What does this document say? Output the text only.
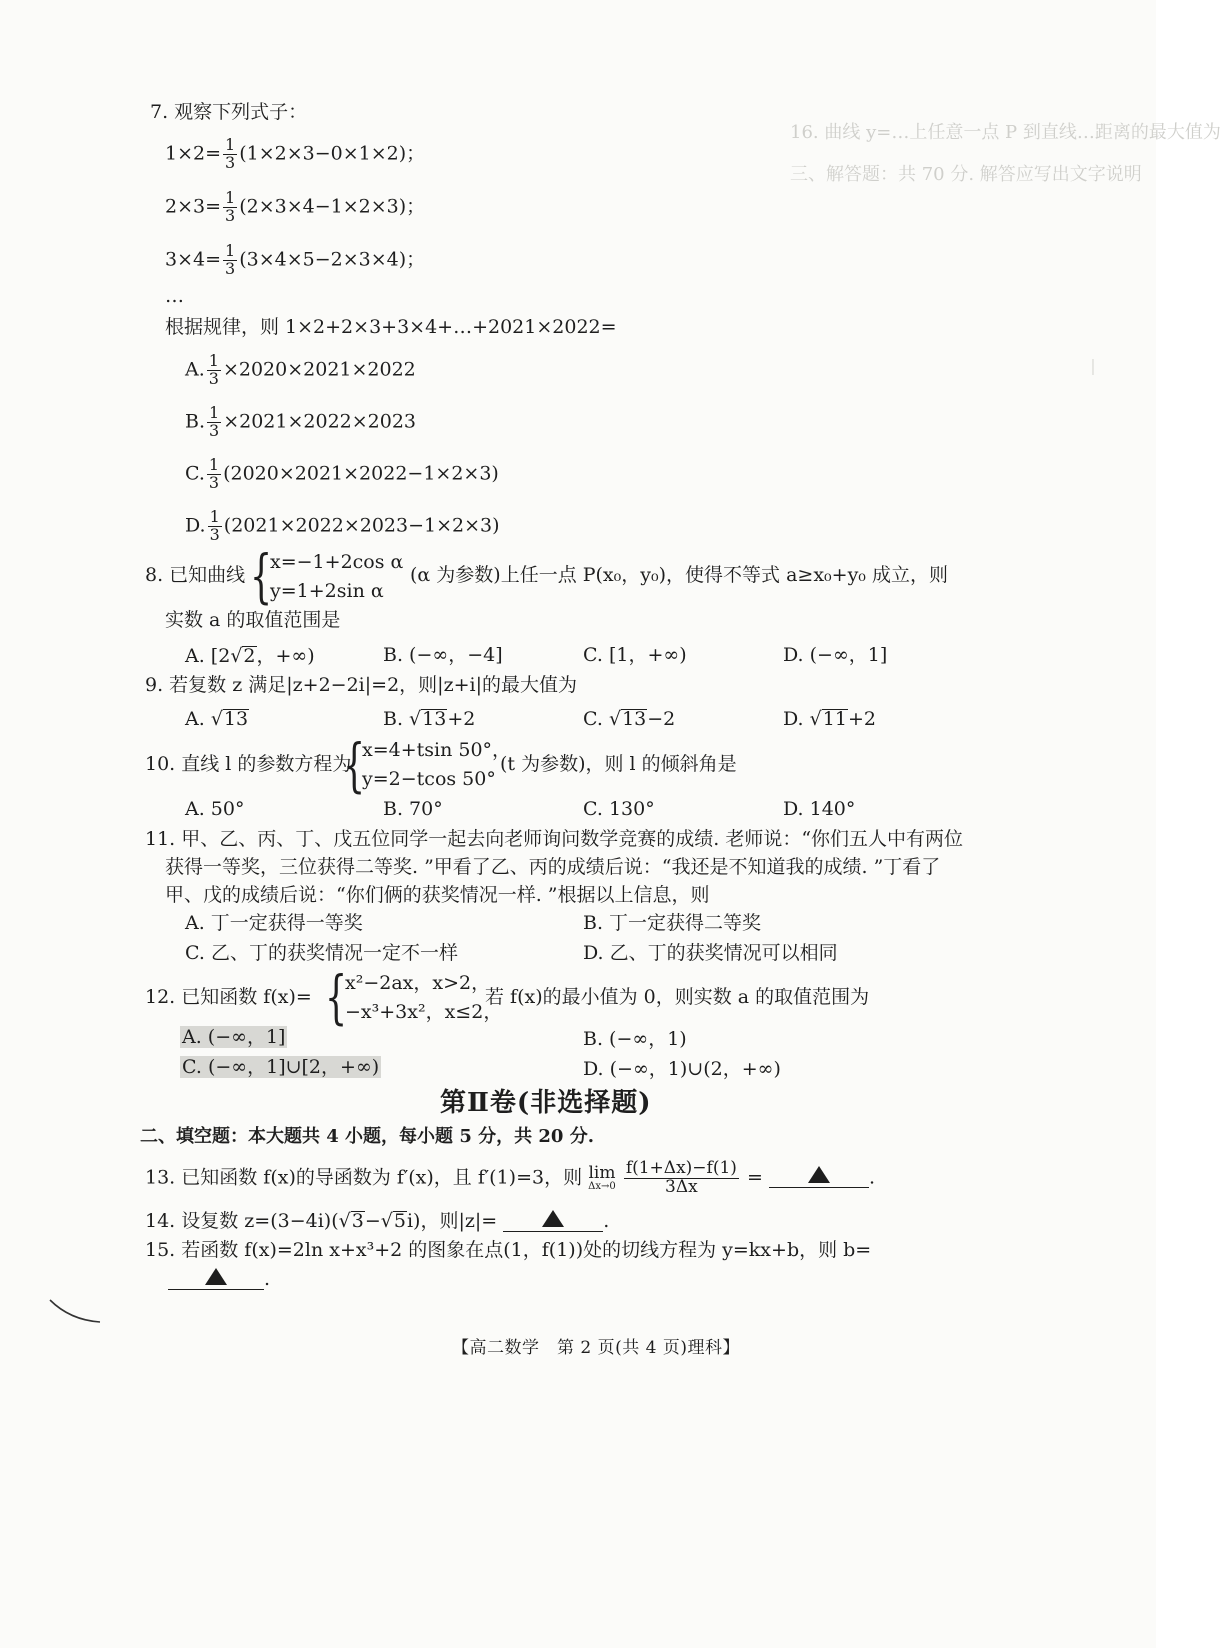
16. 曲线 y=…上任意一点 P 到直线…距离的最大值为
三、解答题：共 70 分. 解答应写出文字说明
｜
7. 观察下列式子：
$1\times 2= \frac{1}{3} (1\times 2\times 3-0\times 1\times 2)$；
$2\times 3= \frac{1}{3} (2\times 3\times 4-1\times 2\times 3)$；
$3\times 4= \frac{1}{3} (3\times 4\times 5-2\times 3\times 4)$；
…
根据规律，则 1×2+2×3+3×4+…+2021×2022=
A. $\frac{1}{3} \times 2020\times 2021\times 2022$
B. $\frac{1}{3} \times 2021\times 2022\times 2023$
C. $\frac{1}{3} (2020\times 2021\times 2022-1\times 2\times 3)$
D. $\frac{1}{3} (2021\times 2022\times 2023-1\times 2\times 3)$
8. 已知曲线 {
x=−1+2cos α
y=1+2sin α
(α 为参数)上任一点 P(x₀，y₀)，使得不等式 a≥x₀+y₀ 成立，则
实数 a 的取值范围是
A. [2√2，+∞)	B. (−∞，−4]	C. [1，+∞)	D. (−∞，1]
9. 若复数 z 满足|z+2−2i|=2，则|z+i|的最大值为
A. √13	B. √13+2	C. √13−2	D. √11+2
10. 直线 l 的参数方程为
{
x=4+tsin 50°，
y=2−tcos 50°
(t 为参数)，则 l 的倾斜角是
A. 50°	B. 70°	C. 130°	D. 140°
11. 甲、乙、丙、丁、戊五位同学一起去向老师询问数学竞赛的成绩. 老师说：“你们五人中有两位
获得一等奖，三位获得二等奖. ”甲看了乙、丙的成绩后说：“我还是不知道我的成绩. ”丁看了
甲、戊的成绩后说：“你们俩的获奖情况一样. ”根据以上信息，则
A. 丁一定获得一等奖	B. 丁一定获得二等奖
C. 乙、丁的获奖情况一定不一样	D. 乙、丁的获奖情况可以相同
12. 已知函数 f(x)= {
x²−2ax，x>2，
−x³+3x²，x≤2，
若 f(x)的最小值为 0，则实数 a 的取值范围为
A. (−∞，1]	B. (−∞，1)
C. (−∞，1]∪[2，+∞)	D. (−∞，1)∪(2，+∞)
第Ⅱ卷(非选择题)
二、填空题：本大题共 4 小题，每小题 5 分，共 20 分.
13. 已知函数 f(x)的导函数为 f′(x)，且 f′(1)=3，则 lim
Δx→0
$\frac{f(1+\Delta x)-f(1)}{3\Delta x}$ =	.
14. 设复数 z=(3−4i)(√3−√5i)，则|z|=	.
15. 若函数 f(x)=2ln x+x³+2 的图象在点(1，f(1))处的切线方程为 y=kx+b，则 b=
.
【高二数学　第 2 页(共 4 页)理科】
